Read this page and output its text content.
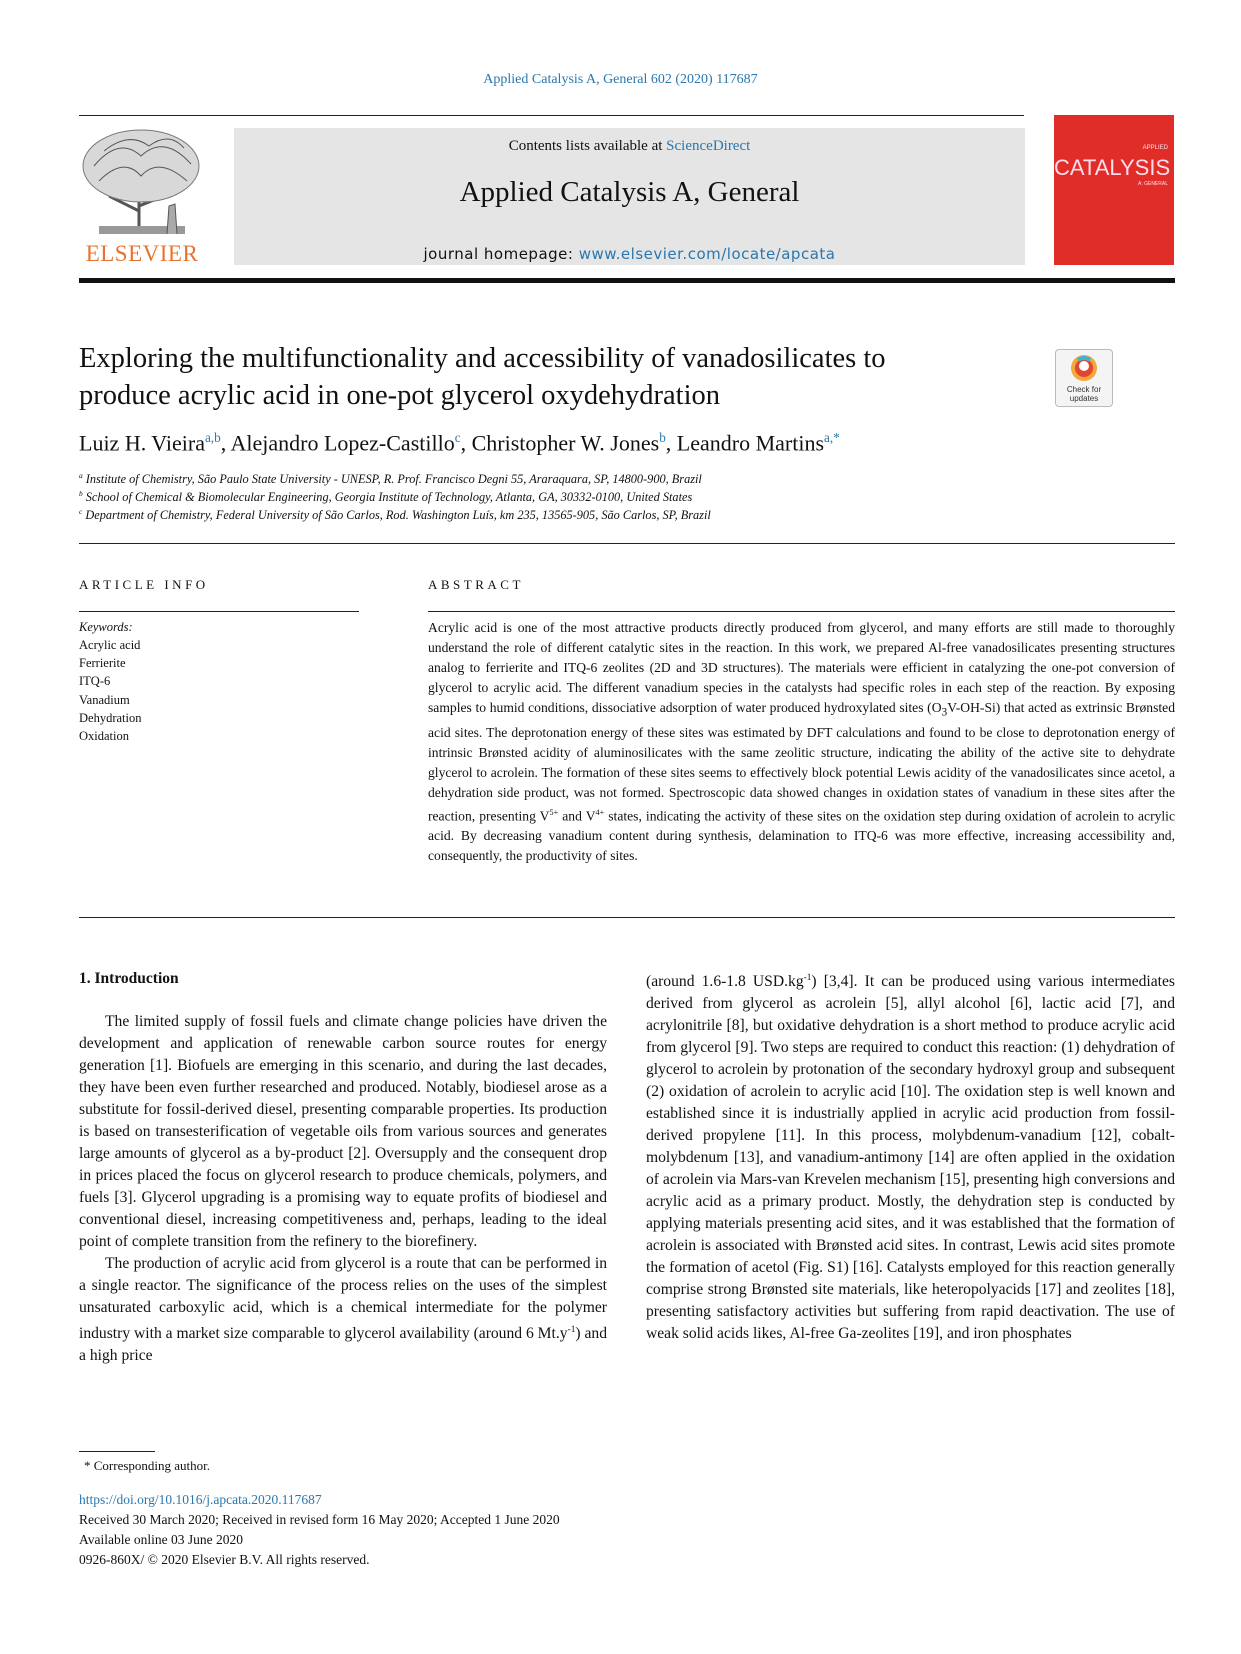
Applied Catalysis A, General 602 (2020) 117687
ELSEVIER
Contents lists available at ScienceDirect
Applied Catalysis A, General
journal homepage: www.elsevier.com/locate/apcata
APPLIED
CATALYSIS
A: GENERAL
Exploring the multifunctionality and accessibility of vanadosilicates to
produce acrylic acid in one-pot glycerol oxydehydration	Check for
updates
Luiz H. Vieira$^{a,b}$, Alejandro Lopez-Castillo$^c$, Christopher W. Jones$^b$, Leandro Martins$^{a,*}$
$^a$ Institute of Chemistry, São Paulo State University - UNESP, R. Prof. Francisco Degni 55, Araraquara, SP, 14800-900, Brazil
$^b$ School of Chemical & Biomolecular Engineering, Georgia Institute of Technology, Atlanta, GA, 30332-0100, United States
$^c$ Department of Chemistry, Federal University of São Carlos, Rod. Washington Luís, km 235, 13565-905, São Carlos, SP, Brazil
ARTICLE INFO
Keywords:
Acrylic acid
Ferrierite
ITQ-6
Vanadium
Dehydration
Oxidation
ABSTRACT
Acrylic acid is one of the most attractive products directly produced from glycerol, and many efforts are still made to thoroughly understand the role of different catalytic sites in the reaction. In this work, we prepared Al-free vanadosilicates presenting structures analog to ferrierite and ITQ-6 zeolites (2D and 3D structures). The materials were efficient in catalyzing the one-pot conversion of glycerol to acrylic acid. The different vanadium species in the catalysts had specific roles in each step of the reaction. By exposing samples to humid conditions, dissociative adsorption of water produced hydroxylated sites $(O_3V-OH-Si)$ that acted as extrinsic Brønsted acid sites. The deprotonation energy of these sites was estimated by DFT calculations and found to be close to deprotonation energy of intrinsic Brønsted acidity of aluminosilicates with the same zeolitic structure, indicating the ability of the active site to dehydrate glycerol to acrolein. The formation of these sites seems to effectively block potential Lewis acidity of the vanadosilicates since acetol, a dehydration side product, was not formed. Spectroscopic data showed changes in oxidation states of vanadium in these sites after the reaction, presenting $V^{5+}$ and $V^{4+}$ states, indicating the activity of these sites on the oxidation step during oxidation of acrolein to acrylic acid. By decreasing vanadium content during synthesis, delamination to ITQ-6 was more effective, increasing accessibility and, consequently, the productivity of sites.
1. Introduction

The limited supply of fossil fuels and climate change policies have driven the development and application of renewable carbon source routes for energy generation [1]. Biofuels are emerging in this scenario, and during the last decades, they have been even further researched and produced. Notably, biodiesel arose as a substitute for fossil-derived diesel, presenting comparable properties. Its production is based on transesterification of vegetable oils from various sources and generates large amounts of glycerol as a by-product [2]. Oversupply and the consequent drop in prices placed the focus on glycerol research to produce chemicals, polymers, and fuels [3]. Glycerol upgrading is a promising way to equate profits of biodiesel and conventional diesel, increasing competitiveness and, perhaps, leading to the ideal point of complete transition from the refinery to the biorefinery.

The production of acrylic acid from glycerol is a route that can be performed in a single reactor. The significance of the process relies on the uses of the simplest unsaturated carboxylic acid, which is a chemical intermediate for the polymer industry with a market size comparable to glycerol availability (around 6 $Mt.y^{-1}$) and a high price

(around 1.6-1.8 $USD.kg^{-1}$) [3,4]. It can be produced using various intermediates derived from glycerol as acrolein [5], allyl alcohol [6], lactic acid [7], and acrylonitrile [8], but oxidative dehydration is a short method to produce acrylic acid from glycerol [9]. Two steps are required to conduct this reaction: (1) dehydration of glycerol to acrolein by protonation of the secondary hydroxyl group and subsequent (2) oxidation of acrolein to acrylic acid [10]. The oxidation step is well known and established since it is industrially applied in acrylic acid production from fossil-derived propylene [11]. In this process, molybdenum-vanadium [12], cobalt-molybdenum [13], and vanadium-antimony [14] are often applied in the oxidation of acrolein via Mars-van Krevelen mechanism [15], presenting high conversions and acrylic acid as a primary product. Mostly, the dehydration step is conducted by applying materials presenting acid sites, and it was established that the formation of acrolein is associated with Brønsted acid sites. In contrast, Lewis acid sites promote the formation of acetol (Fig. S1) [16]. Catalysts employed for this reaction generally comprise strong Brønsted site materials, like heteropolyacids [17] and zeolites [18], presenting satisfactory activities but suffering from rapid deactivation. The use of weak solid acids likes, Al-free Ga-zeolites [19], and iron phosphates

* Corresponding author.
https://doi.org/10.1016/j.apcata.2020.117687
Received 30 March 2020; Received in revised form 16 May 2020; Accepted 1 June 2020
Available online 03 June 2020
0926-860X/ © 2020 Elsevier B.V. All rights reserved.
